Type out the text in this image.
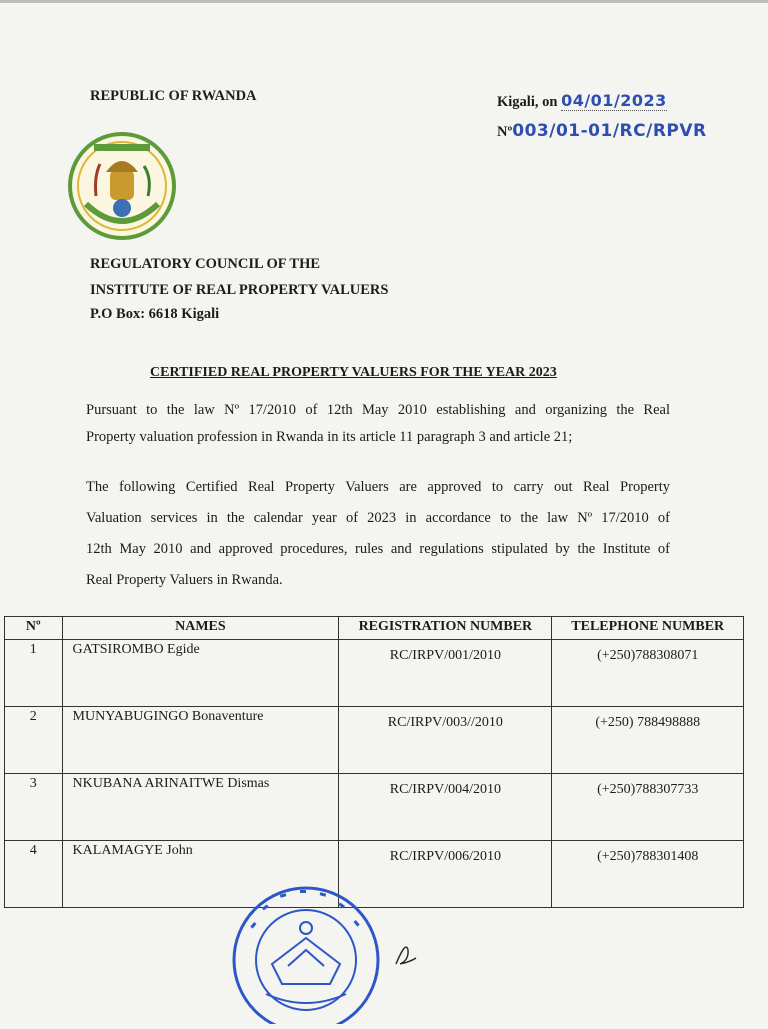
REPUBLIC OF RWANDA	Kigali, on 04/01/2023
Nº003/01-01/RC/RPVR
REGULATORY COUNCIL OF THE
INSTITUTE OF REAL PROPERTY VALUERS
P.O Box: 6618 Kigali
CERTIFIED REAL PROPERTY VALUERS FOR THE YEAR 2023
Pursuant to the law Nº 17/2010 of 12th May 2010 establishing and organizing the Real
Property valuation profession in Rwanda in its article 11 paragraph 3 and article 21;
The following Certified Real Property Valuers are approved to carry out Real Property
Valuation services in the calendar year of 2023 in accordance to the law Nº 17/2010 of
12th May 2010 and approved procedures, rules and regulations stipulated by the Institute of
Real Property Valuers in Rwanda.
Nº	NAMES	REGISTRATION NUMBER	TELEPHONE NUMBER
1	GATSIROMBO Egide	RC/IRPV/001/2010	(+250)788308071
2	MUNYABUGINGO Bonaventure	RC/IRPV/003//2010	(+250) 788498888
3	NKUBANA ARINAITWE Dismas	RC/IRPV/004/2010	(+250)788307733
4	KALAMAGYE John	RC/IRPV/006/2010	(+250)788301408
